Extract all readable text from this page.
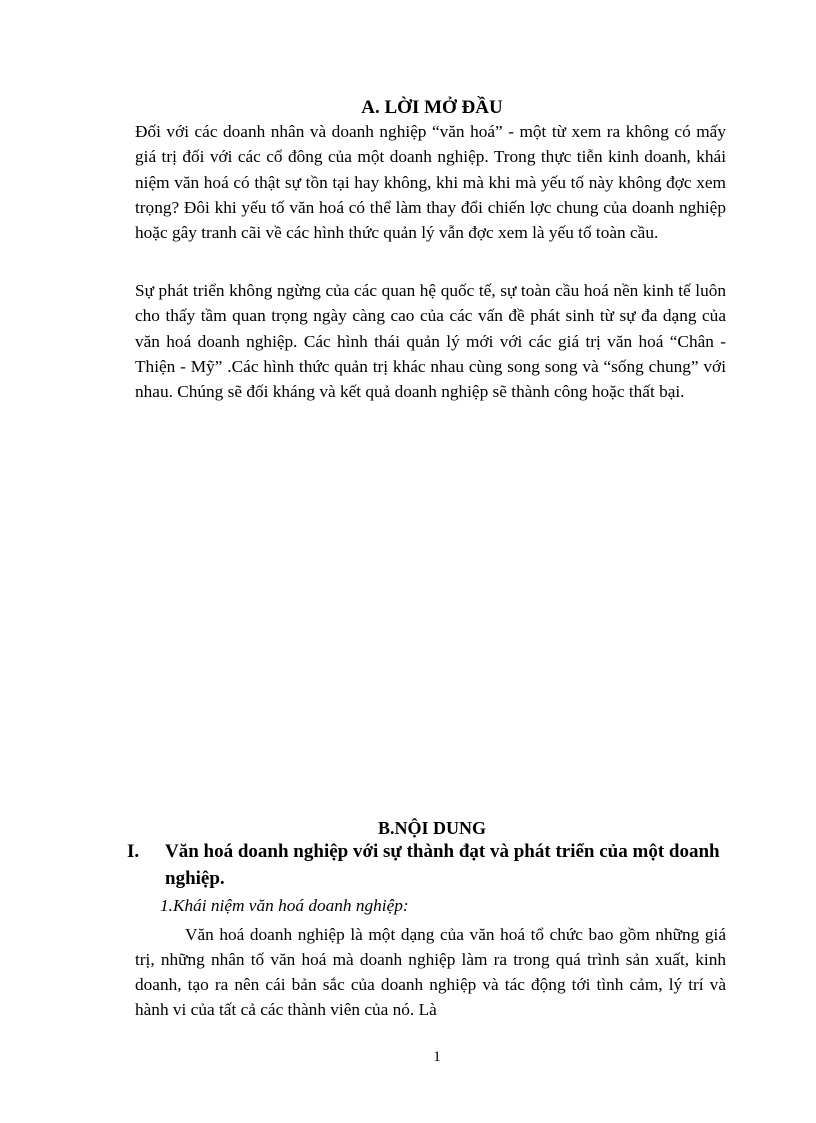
A. LỜI MỞ ĐẦU

Đối với các doanh nhân và doanh nghiệp “văn hoá” - một từ xem ra không có mấy giá trị đối với các cổ đông của một doanh nghiệp. Trong thực tiễn kinh doanh, khái niệm văn hoá có thật sự tồn tại hay không, khi mà khi mà yếu tố này không đợc xem trọng? Đôi khi yếu tố văn hoá có thể làm thay đổi chiến lợc chung của doanh nghiệp hoặc gây tranh cãi về các hình thức quản lý vẫn đợc xem là yếu tố toàn cầu.

Sự phát triển không ngừng của các quan hệ quốc tế, sự toàn cầu hoá nền kinh tế luôn cho thấy tầm quan trọng ngày càng cao của các vấn đề phát sinh từ sự đa dạng của văn hoá doanh nghiệp. Các hình thái quản lý mới với các giá trị văn hoá “Chân - Thiện - Mỹ” .Các hình thức quản trị khác nhau cùng song song và “sống chung” với nhau. Chúng sẽ đối kháng và kết quả doanh nghiệp sẽ thành công hoặc thất bại.

B.NỘI DUNG

I. Văn hoá doanh nghiệp với sự thành đạt và phát triển của một doanh nghiệp.

1.Khái niệm văn hoá doanh nghiệp:

Văn hoá doanh nghiệp là một dạng của văn hoá tổ chức bao gồm những giá trị, những nhân tố văn hoá mà doanh nghiệp làm ra trong quá trình sản xuất, kinh doanh, tạo ra nên cái bản sắc của doanh nghiệp và tác động tới tình cảm, lý trí và hành vi của tất cả các thành viên của nó. Là

1
